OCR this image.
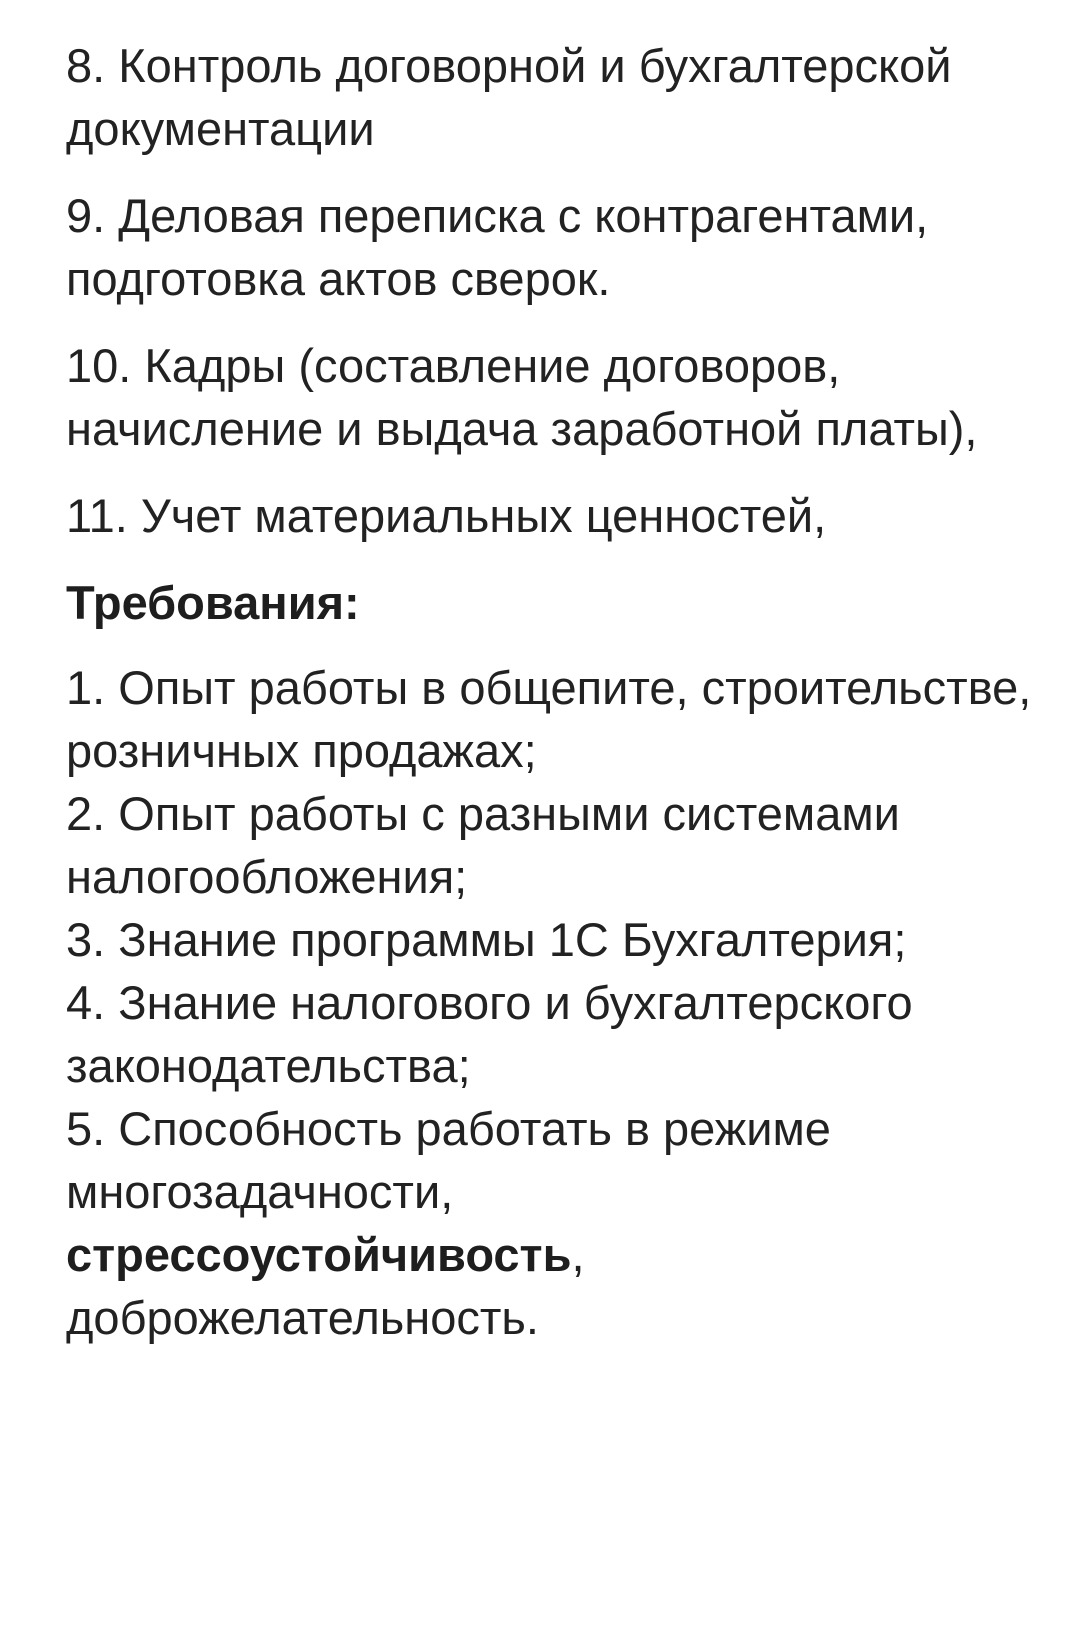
8. Контроль договорной и бухгалтерской документации

9. Деловая переписка с контрагентами, подготовка актов сверок.

10. Кадры (составление договоров, начисление и выдача заработной платы),

11. Учет материальных ценностей,

Требования:

1. Опыт работы в общепите, строительстве, розничных продажах;
2. Опыт работы с разными системами налогообложения;
3. Знание программы 1С Бухгалтерия;
4. Знание налогового и бухгалтерского законодательства;
5. Способность работать в режиме многозадачности,
стрессоустойчивость,
доброжелательность.
